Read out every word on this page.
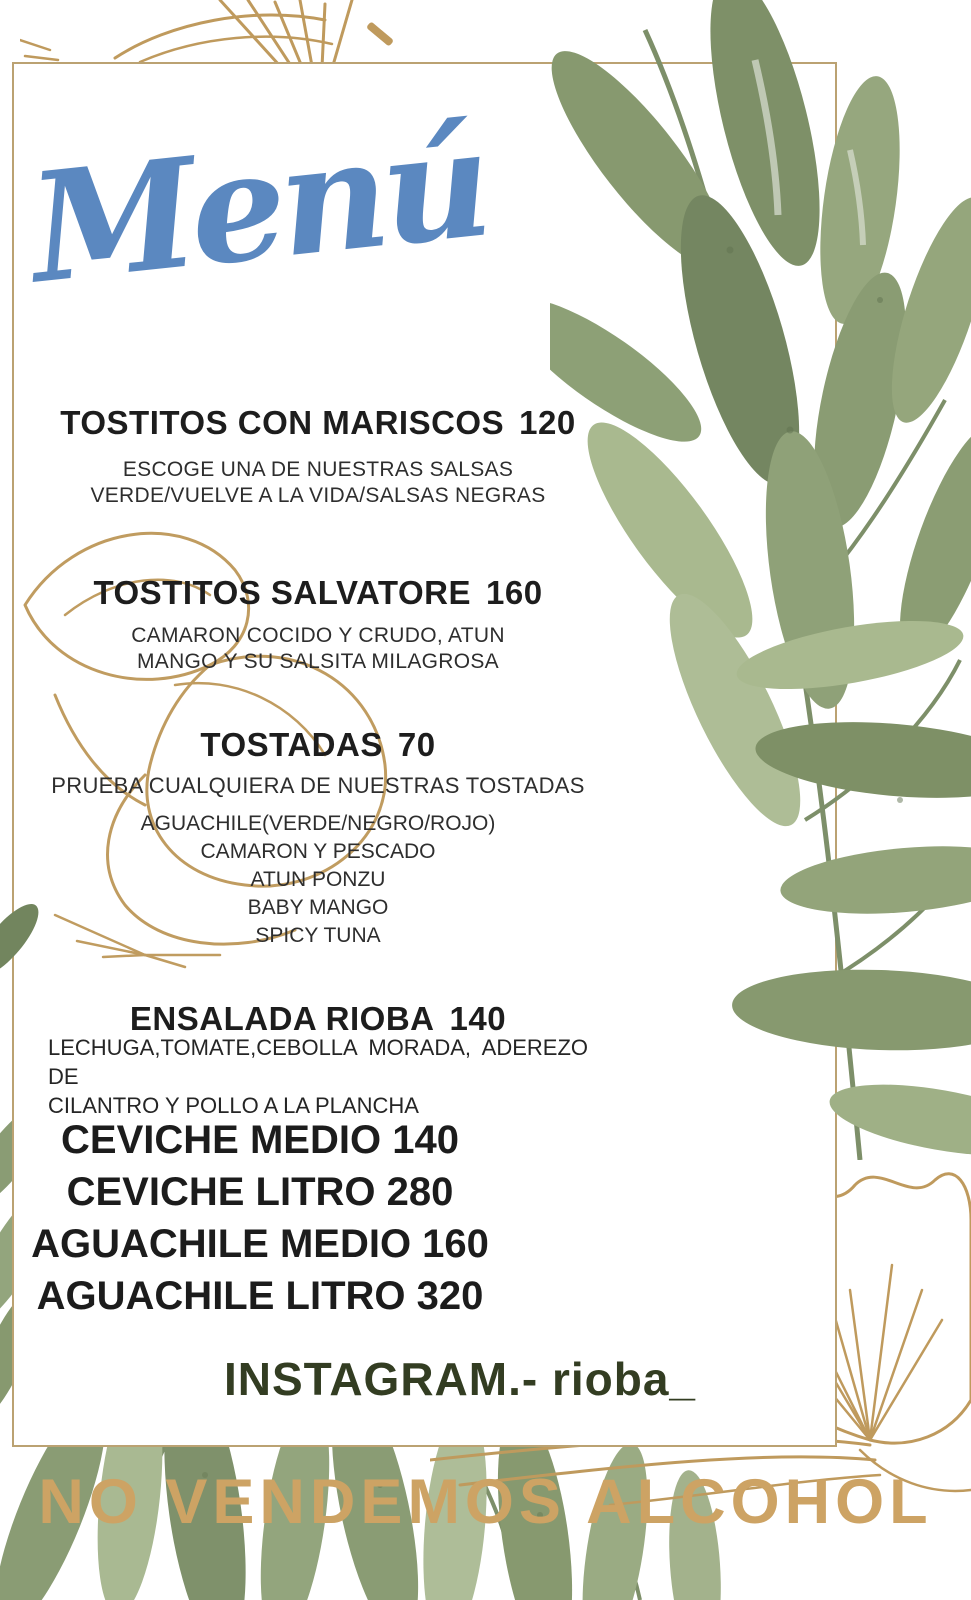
Menú
TOSTITOS CON MARISCOS 120
ESCOGE UNA DE NUESTRAS SALSAS
VERDE/VUELVE A LA VIDA/SALSAS NEGRAS
TOSTITOS SALVATORE 160
CAMARON COCIDO Y CRUDO, ATUN
MANGO Y SU SALSITA MILAGROSA
TOSTADAS 70
PRUEBA CUALQUIERA DE NUESTRAS TOSTADAS
AGUACHILE(VERDE/NEGRO/ROJO)
CAMARON Y PESCADO
ATUN PONZU
BABY MANGO
SPICY TUNA
ENSALADA RIOBA 140
LECHUGA,TOMATE,CEBOLLA MORADA, ADEREZO DE
CILANTRO Y POLLO A LA PLANCHA
CEVICHE MEDIO 140
CEVICHE LITRO 280
AGUACHILE MEDIO 160
AGUACHILE LITRO 320
INSTAGRAM.- rioba_
NO VENDEMOS ALCOHOL
